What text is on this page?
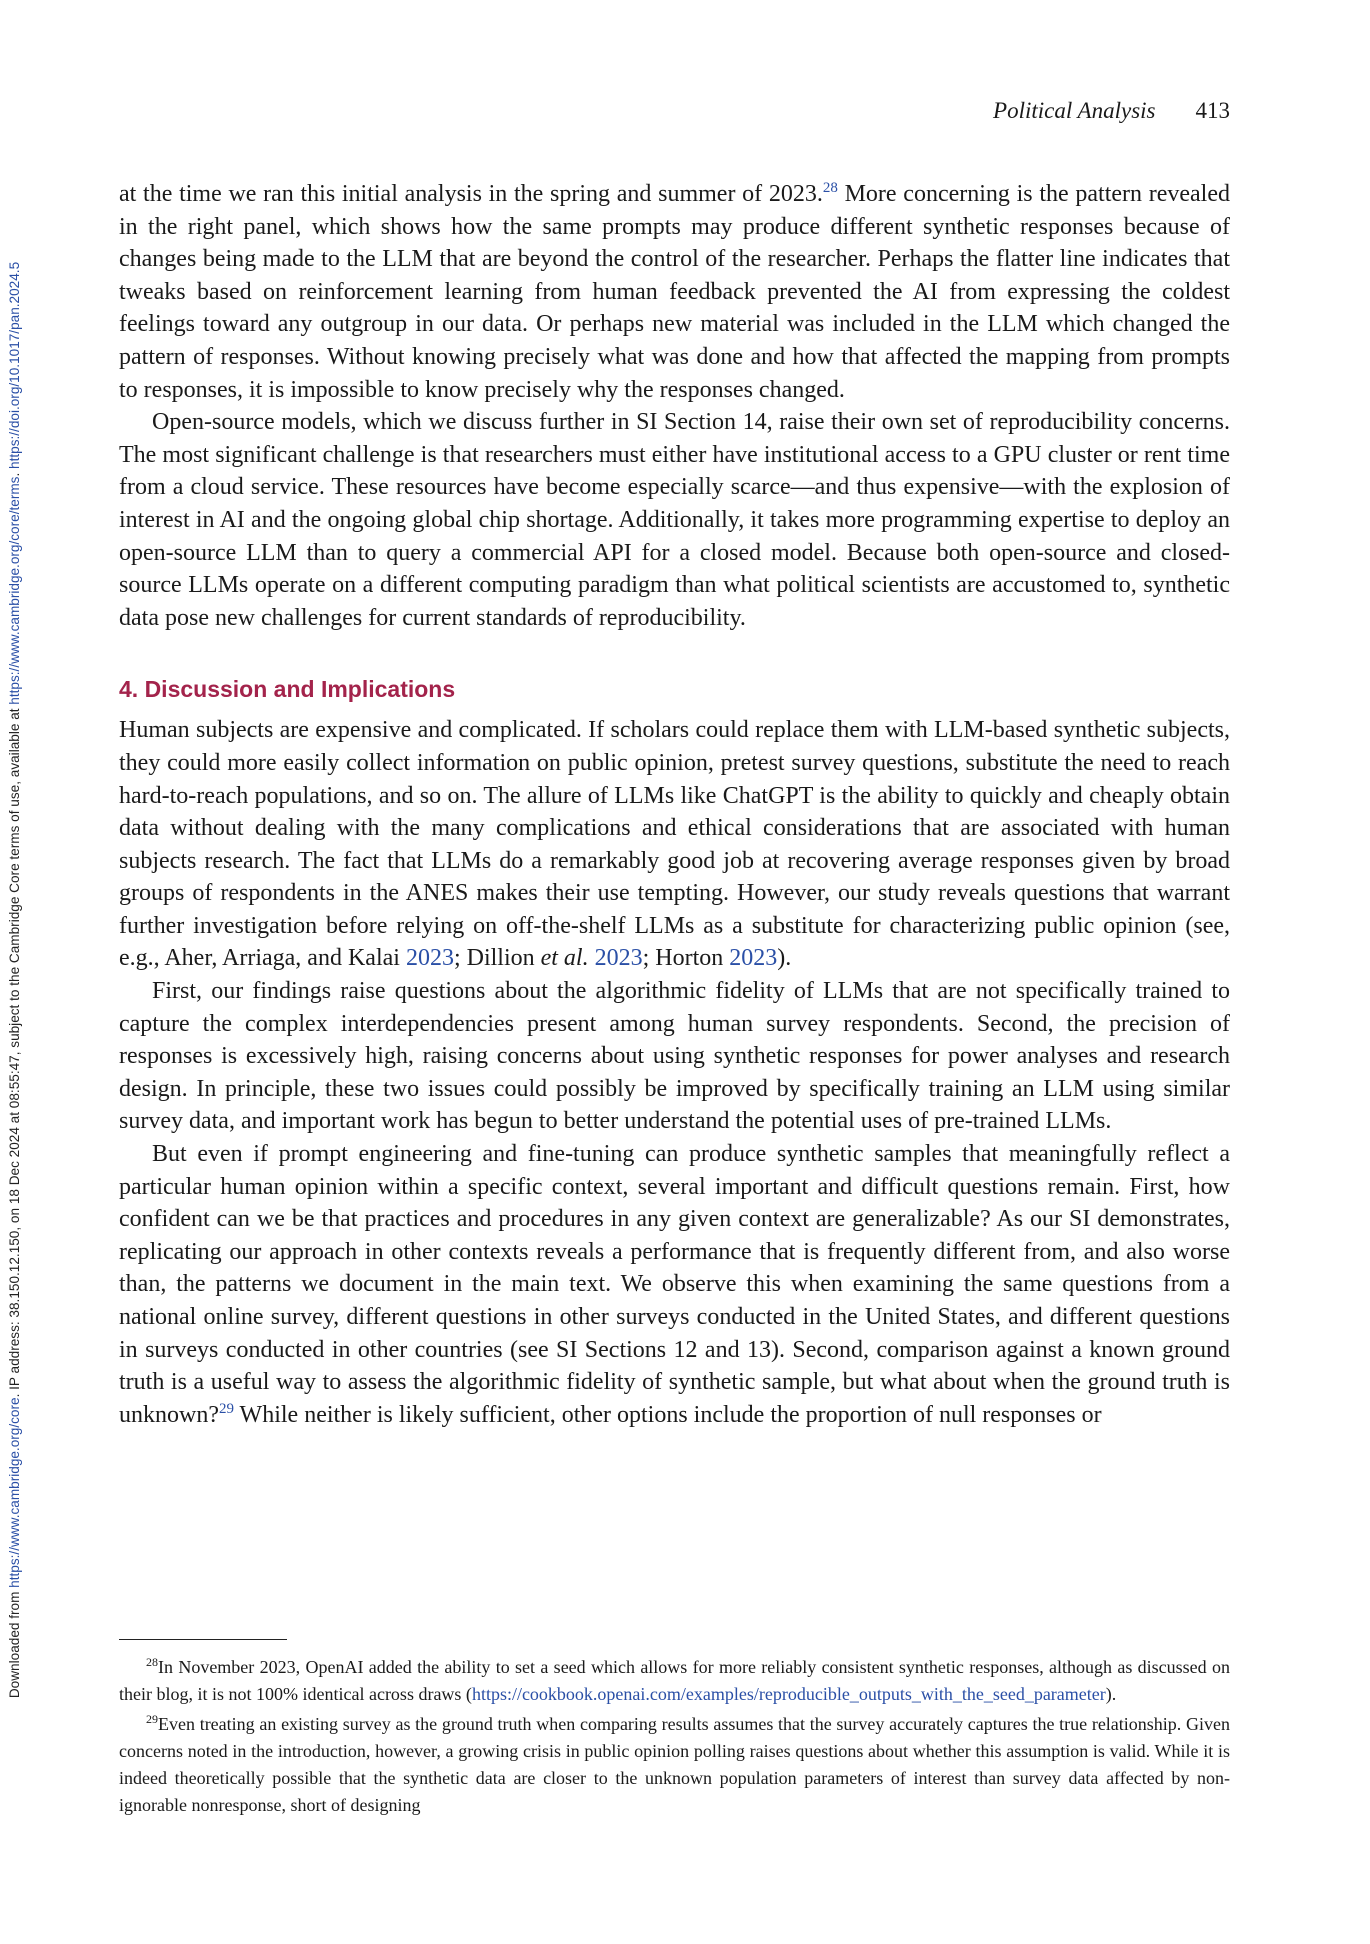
Downloaded from https://www.cambridge.org/core. IP address: 38.150.12.150, on 18 Dec 2024 at 08:55:47, subject to the Cambridge Core terms of use, available at https://www.cambridge.org/core/terms. https://doi.org/10.1017/pan.2024.5
Political Analysis 413

at the time we ran this initial analysis in the spring and summer of 2023.28 More concerning is the pattern revealed in the right panel, which shows how the same prompts may produce different synthetic responses because of changes being made to the LLM that are beyond the control of the researcher. Perhaps the flatter line indicates that tweaks based on reinforcement learning from human feedback prevented the AI from expressing the coldest feelings toward any outgroup in our data. Or perhaps new material was included in the LLM which changed the pattern of responses. Without knowing precisely what was done and how that affected the mapping from prompts to responses, it is impossible to know precisely why the responses changed.

Open-source models, which we discuss further in SI Section 14, raise their own set of reproducibility concerns. The most significant challenge is that researchers must either have institutional access to a GPU cluster or rent time from a cloud service. These resources have become especially scarce—and thus expensive—with the explosion of interest in AI and the ongoing global chip shortage. Additionally, it takes more programming expertise to deploy an open-source LLM than to query a commercial API for a closed model. Because both open-source and closed-source LLMs operate on a different computing paradigm than what political scientists are accustomed to, synthetic data pose new challenges for current standards of reproducibility.

4. Discussion and Implications

Human subjects are expensive and complicated. If scholars could replace them with LLM-based synthetic subjects, they could more easily collect information on public opinion, pretest survey questions, substitute the need to reach hard-to-reach populations, and so on. The allure of LLMs like ChatGPT is the ability to quickly and cheaply obtain data without dealing with the many complications and ethical considerations that are associated with human subjects research. The fact that LLMs do a remarkably good job at recovering average responses given by broad groups of respondents in the ANES makes their use tempting. However, our study reveals questions that warrant further investigation before relying on off-the-shelf LLMs as a substitute for characterizing public opinion (see, e.g., Aher, Arriaga, and Kalai 2023; Dillion et al. 2023; Horton 2023).

First, our findings raise questions about the algorithmic fidelity of LLMs that are not specifically trained to capture the complex interdependencies present among human survey respondents. Second, the precision of responses is excessively high, raising concerns about using synthetic responses for power analyses and research design. In principle, these two issues could possibly be improved by specifically training an LLM using similar survey data, and important work has begun to better understand the potential uses of pre-trained LLMs.

But even if prompt engineering and fine-tuning can produce synthetic samples that meaningfully reflect a particular human opinion within a specific context, several important and difficult questions remain. First, how confident can we be that practices and procedures in any given context are generalizable? As our SI demonstrates, replicating our approach in other contexts reveals a performance that is frequently different from, and also worse than, the patterns we document in the main text. We observe this when examining the same questions from a national online survey, different questions in other surveys conducted in the United States, and different questions in surveys conducted in other countries (see SI Sections 12 and 13). Second, comparison against a known ground truth is a useful way to assess the algorithmic fidelity of synthetic sample, but what about when the ground truth is unknown?$^{29}$ While neither is likely sufficient, other options include the proportion of null responses or

$^{28}$In November 2023, OpenAI added the ability to set a seed which allows for more reliably consistent synthetic responses, although as discussed on their blog, it is not 100% identical across draws (https://cookbook.openai.com/examples/reproducible_outputs_with_the_seed_parameter).

$^{29}$Even treating an existing survey as the ground truth when comparing results assumes that the survey accurately captures the true relationship. Given concerns noted in the introduction, however, a growing crisis in public opinion polling raises questions about whether this assumption is valid. While it is indeed theoretically possible that the synthetic data are closer to the unknown population parameters of interest than survey data affected by non-ignorable nonresponse, short of designing
